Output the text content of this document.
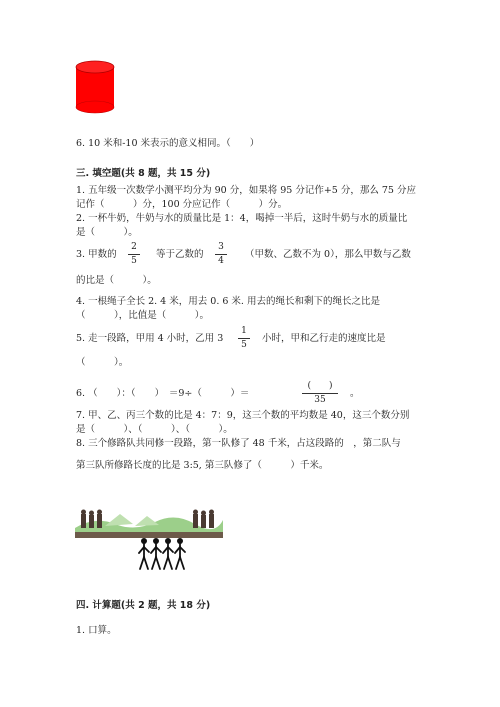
6. 10 米和-10 米表示的意义相同。（　　）
三. 填空题(共 8 题，共 15 分)
1. 五年级一次数学小测平均分为 90 分，如果将 95 分记作+5 分，那么 75 分应
记作（　　　）分，100 分应记作（　　　）分。
2. 一杯牛奶，牛奶与水的质量比是 1：4，喝掉一半后，这时牛奶与水的质量比
是（　　　）。
3. 甲数的
2
5
等于乙数的
3
4
（甲数、乙数不为 0），那么甲数与乙数
的比是（　　　）。
4. 一根绳子全长 2. 4 米，用去 0. 6 米. 用去的绳长和剩下的绳长之比是
（　　　），比值是（　　　）。
5. 走一段路，甲用 4 小时，乙用 3
1
5
小时，甲和乙行走的速度比是
（　　　）。
6. （　　）：（　　）　＝9÷（　　　）＝
(　　)
35
。
7. 甲、乙、丙三个数的比是 4：7：9，这三个数的平均数是 40，这三个数分别
是（　　　）、（　　　）、（　　　）。
8. 三个修路队共同修一段路，第一队修了 48 千米，占这段路的　，第二队与
第三队所修路长度的比是 3:5, 第三队修了（　　　）千米。
四. 计算题(共 2 题，共 18 分)
1. 口算。
